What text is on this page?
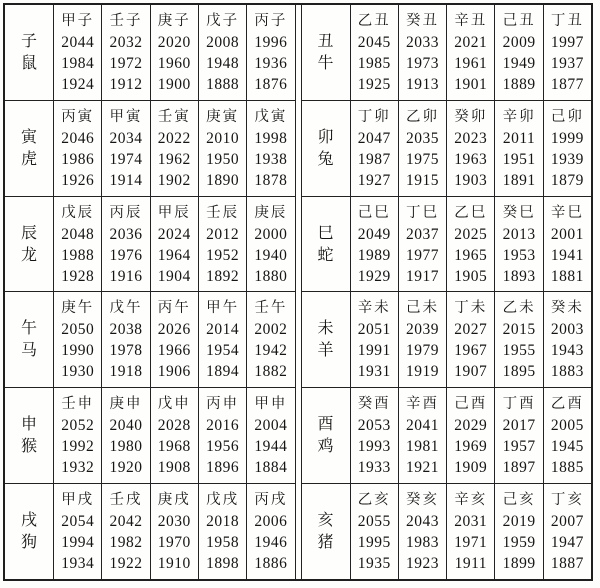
子
鼠
甲子
2044
1984
1924
壬子
2032
1972
1912
庚子
2020
1960
1900
戊子
2008
1948
1888
丙子
1996
1936
1876
寅
虎
丙寅
2046
1986
1926
甲寅
2034
1974
1914
壬寅
2022
1962
1902
庚寅
2010
1950
1890
戊寅
1998
1938
1878
辰
龙
戊辰
2048
1988
1928
丙辰
2036
1976
1916
甲辰
2024
1964
1904
壬辰
2012
1952
1892
庚辰
2000
1940
1880
午
马
庚午
2050
1990
1930
戊午
2038
1978
1918
丙午
2026
1966
1906
甲午
2014
1954
1894
壬午
2002
1942
1882
申
猴
壬申
2052
1992
1932
庚申
2040
1980
1920
戊申
2028
1968
1908
丙申
2016
1956
1896
甲申
2004
1944
1884
戌
狗
甲戌
2054
1994
1934
壬戌
2042
1982
1922
庚戌
2030
1970
1910
戊戌
2018
1958
1898
丙戌
2006
1946
1886
丑
牛
乙丑
2045
1985
1925
癸丑
2033
1973
1913
辛丑
2021
1961
1901
己丑
2009
1949
1889
丁丑
1997
1937
1877
卯
兔
丁卯
2047
1987
1927
乙卯
2035
1975
1915
癸卯
2023
1963
1903
辛卯
2011
1951
1891
己卯
1999
1939
1879
巳
蛇
己巳
2049
1989
1929
丁巳
2037
1977
1917
乙巳
2025
1965
1905
癸巳
2013
1953
1893
辛巳
2001
1941
1881
未
羊
辛未
2051
1991
1931
己未
2039
1979
1919
丁未
2027
1967
1907
乙未
2015
1955
1895
癸未
2003
1943
1883
酉
鸡
癸酉
2053
1993
1933
辛酉
2041
1981
1921
己酉
2029
1969
1909
丁酉
2017
1957
1897
乙酉
2005
1945
1885
亥
猪
乙亥
2055
1995
1935
癸亥
2043
1983
1923
辛亥
2031
1971
1911
己亥
2019
1959
1899
丁亥
2007
1947
1887
